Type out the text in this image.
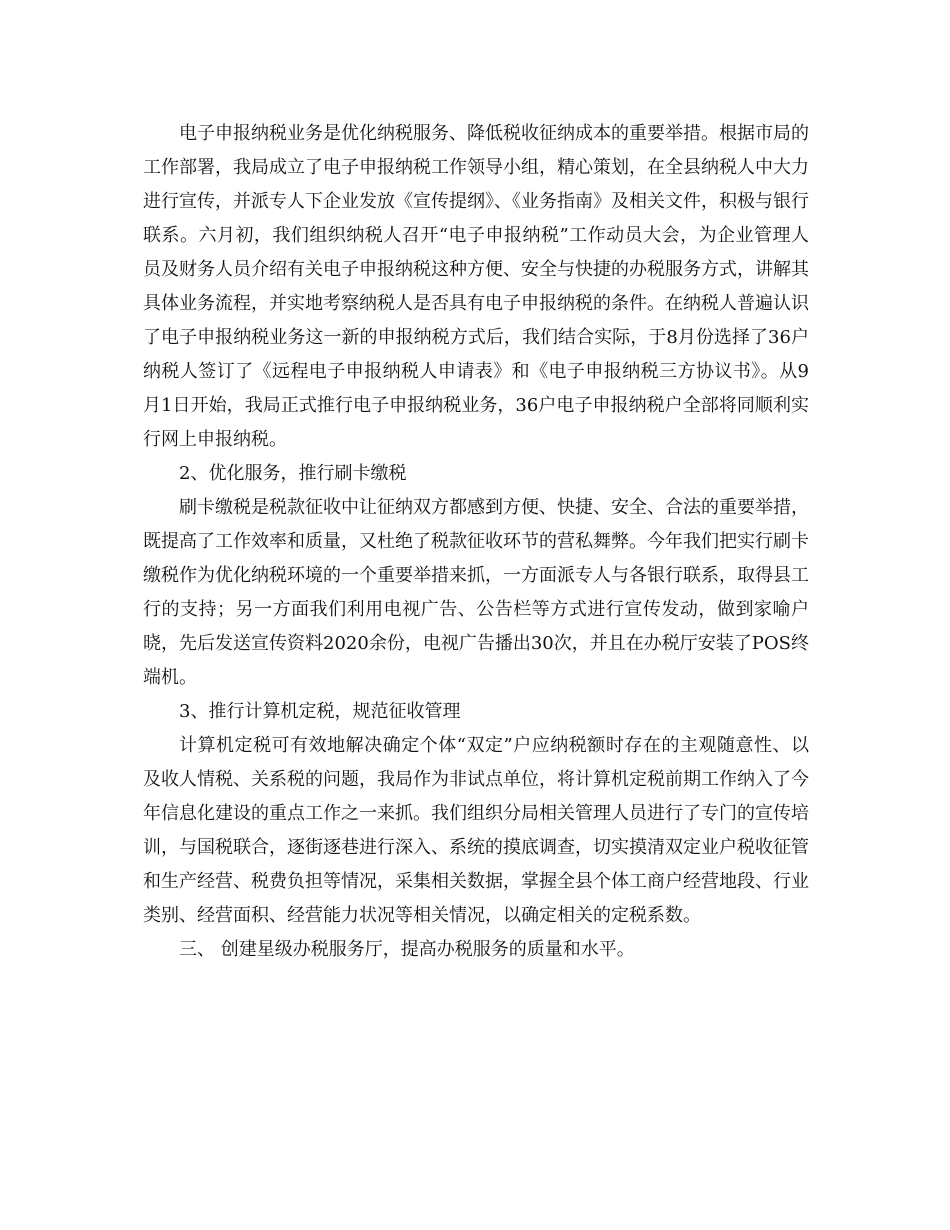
电子申报纳税业务是优化纳税服务、降低税收征纳成本的重要举措。根据市局的工作部署，我局成立了电子申报纳税工作领导小组，精心策划，在全县纳税人中大力进行宣传，并派专人下企业发放《宣传提纲》、《业务指南》及相关文件，积极与银行联系。六月初，我们组织纳税人召开“电子申报纳税”工作动员大会，为企业管理人员及财务人员介绍有关电子申报纳税这种方便、安全与快捷的办税服务方式，讲解其具体业务流程，并实地考察纳税人是否具有电子申报纳税的条件。在纳税人普遍认识了电子申报纳税业务这一新的申报纳税方式后，我们结合实际，于8月份选择了36户纳税人签订了《远程电子申报纳税人申请表》和《电子申报纳税三方协议书》。从9月1日开始，我局正式推行电子申报纳税业务，36户电子申报纳税户全部将同顺利实行网上申报纳税。

2、优化服务，推行刷卡缴税

刷卡缴税是税款征收中让征纳双方都感到方便、快捷、安全、合法的重要举措，既提高了工作效率和质量，又杜绝了税款征收环节的营私舞弊。今年我们把实行刷卡缴税作为优化纳税环境的一个重要举措来抓，一方面派专人与各银行联系，取得县工行的支持；另一方面我们利用电视广告、公告栏等方式进行宣传发动，做到家喻户晓，先后发送宣传资料2020余份，电视广告播出30次，并且在办税厅安装了POS终端机。

3、推行计算机定税，规范征收管理

计算机定税可有效地解决确定个体“双定”户应纳税额时存在的主观随意性、以及收人情税、关系税的问题，我局作为非试点单位，将计算机定税前期工作纳入了今年信息化建设的重点工作之一来抓。我们组织分局相关管理人员进行了专门的宣传培训，与国税联合，逐街逐巷进行深入、系统的摸底调查，切实摸清双定业户税收征管和生产经营、税费负担等情况，采集相关数据，掌握全县个体工商户经营地段、行业类别、经营面积、经营能力状况等相关情况，以确定相关的定税系数。

三、 创建星级办税服务厅，提高办税服务的质量和水平。
